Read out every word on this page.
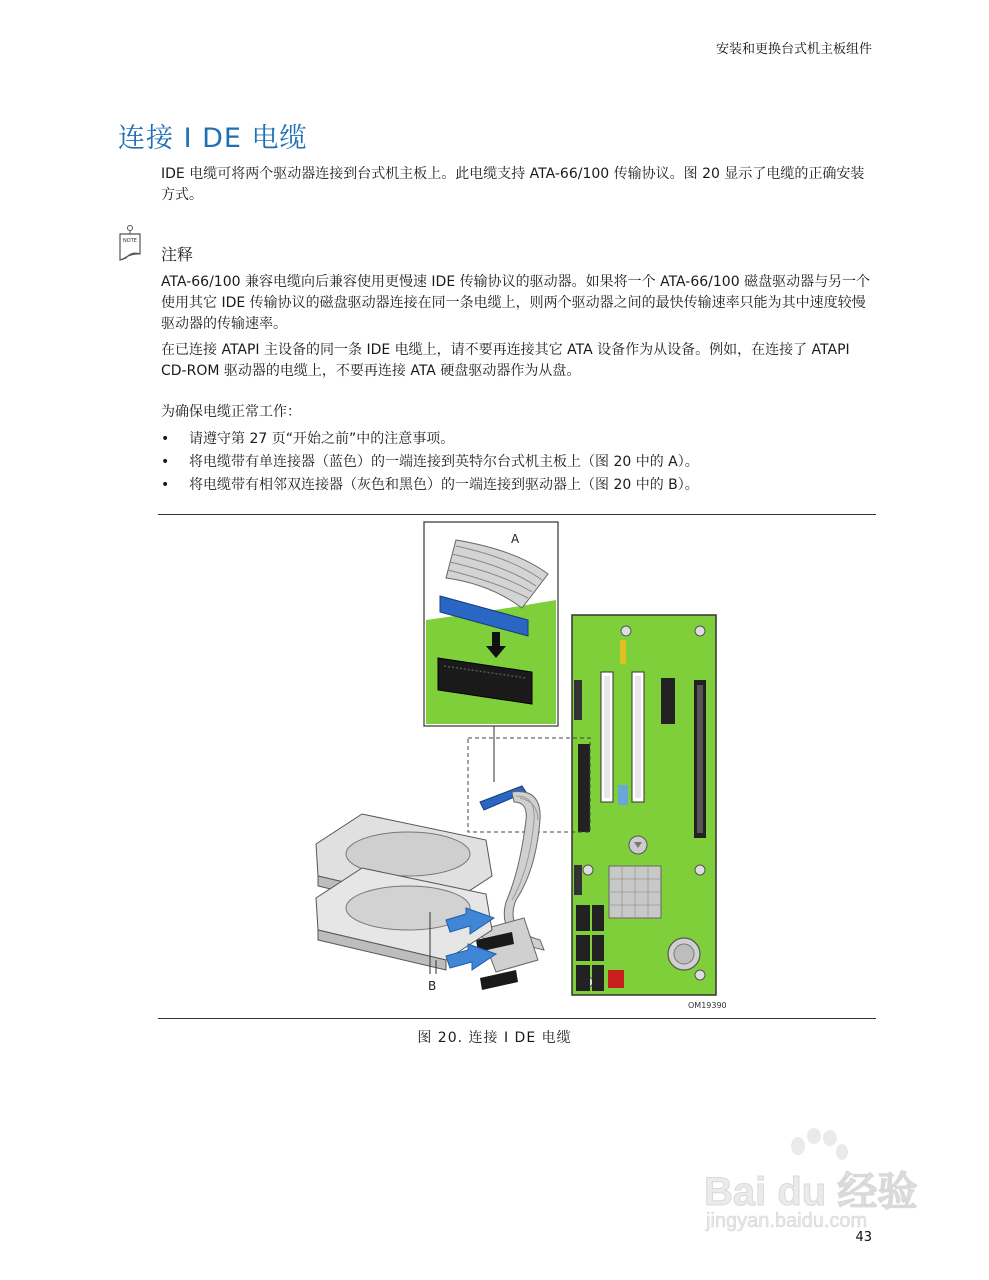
安装和更换台式机主板组件
连接 I DE 电缆
IDE 电缆可将两个驱动器连接到台式机主板上。此电缆支持 ATA-66/100 传输协议。图 20 显示了电缆的正确安装方式。
NOTE
注释
ATA-66/100 兼容电缆向后兼容使用更慢速 IDE 传输协议的驱动器。如果将一个 ATA-66/100 磁盘驱动器与另一个使用其它 IDE 传输协议的磁盘驱动器连接在同一条电缆上，则两个驱动器之间的最快传输速率只能为其中速度较慢驱动器的传输速率。
在已连接 ATAPI 主设备的同一条 IDE 电缆上，请不要再连接其它 ATA 设备作为从设备。例如，在连接了 ATAPI CD-ROM 驱动器的电缆上，不要再连接 ATA 硬盘驱动器作为从盘。
为确保电缆正常工作：
• 请遵守第 27 页“开始之前”中的注意事项。
• 将电缆带有单连接器（蓝色）的一端连接到英特尔台式机主板上（图 20 中的 A）。
• 将电缆带有相邻双连接器（灰色和黑色）的一端连接到驱动器上（图 20 中的 B）。
OM19390
A
B
图 20. 连接 I DE 电缆
Bai du 经验
jingyan.baidu.com
43
